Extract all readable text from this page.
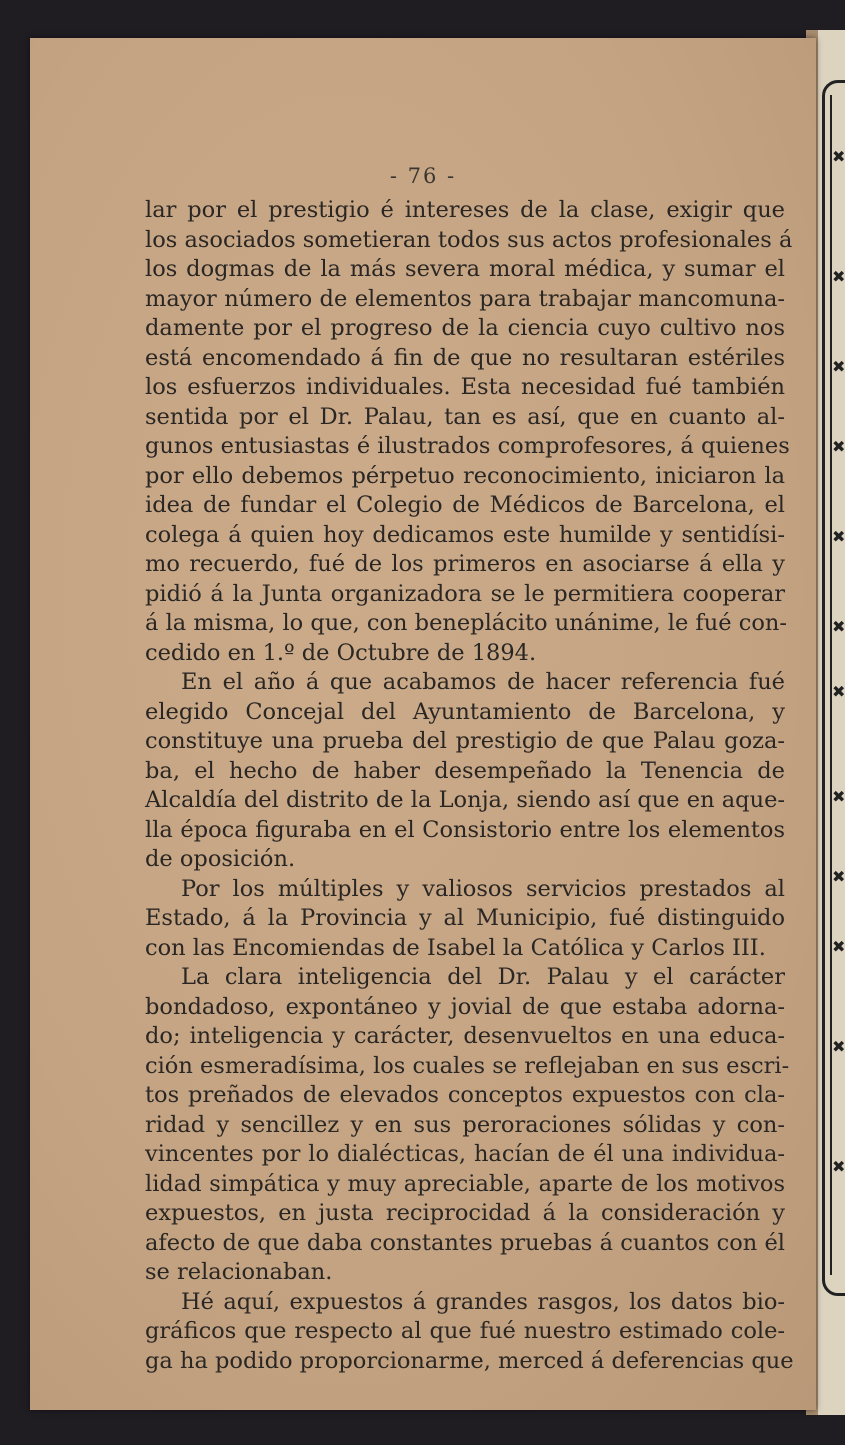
✖
✖
✖
✖
✖
✖
✖
✖
✖
✖
✖
✖
- 76 -
lar por el prestigio é intereses de la clase, exigir que
los asociados sometieran todos sus actos profesionales á
los dogmas de la más severa moral médica, y sumar el
mayor número de elementos para trabajar mancomuna-
damente por el progreso de la ciencia cuyo cultivo nos
está encomendado á fin de que no resultaran estériles
los esfuerzos individuales. Esta necesidad fué también
sentida por el Dr. Palau, tan es así, que en cuanto al-
gunos entusiastas é ilustrados comprofesores, á quienes
por ello debemos pérpetuo reconocimiento, iniciaron la
idea de fundar el Colegio de Médicos de Barcelona, el
colega á quien hoy dedicamos este humilde y sentidísi-
mo recuerdo, fué de los primeros en asociarse á ella y
pidió á la Junta organizadora se le permitiera cooperar
á la misma, lo que, con beneplácito unánime, le fué con-
cedido en 1.º de Octubre de 1894.
En el año á que acabamos de hacer referencia fué
elegido Concejal del Ayuntamiento de Barcelona, y
constituye una prueba del prestigio de que Palau goza-
ba, el hecho de haber desempeñado la Tenencia de
Alcaldía del distrito de la Lonja, siendo así que en aque-
lla época figuraba en el Consistorio entre los elementos
de oposición.
Por los múltiples y valiosos servicios prestados al
Estado, á la Provincia y al Municipio, fué distinguido
con las Encomiendas de Isabel la Católica y Carlos III.
La clara inteligencia del Dr. Palau y el carácter
bondadoso, expontáneo y jovial de que estaba adorna-
do; inteligencia y carácter, desenvueltos en una educa-
ción esmeradísima, los cuales se reflejaban en sus escri-
tos preñados de elevados conceptos expuestos con cla-
ridad y sencillez y en sus peroraciones sólidas y con-
vincentes por lo dialécticas, hacían de él una individua-
lidad simpática y muy apreciable, aparte de los motivos
expuestos, en justa reciprocidad á la consideración y
afecto de que daba constantes pruebas á cuantos con él
se relacionaban.
Hé aquí, expuestos á grandes rasgos, los datos bio-
gráficos que respecto al que fué nuestro estimado cole-
ga ha podido proporcionarme, merced á deferencias que
